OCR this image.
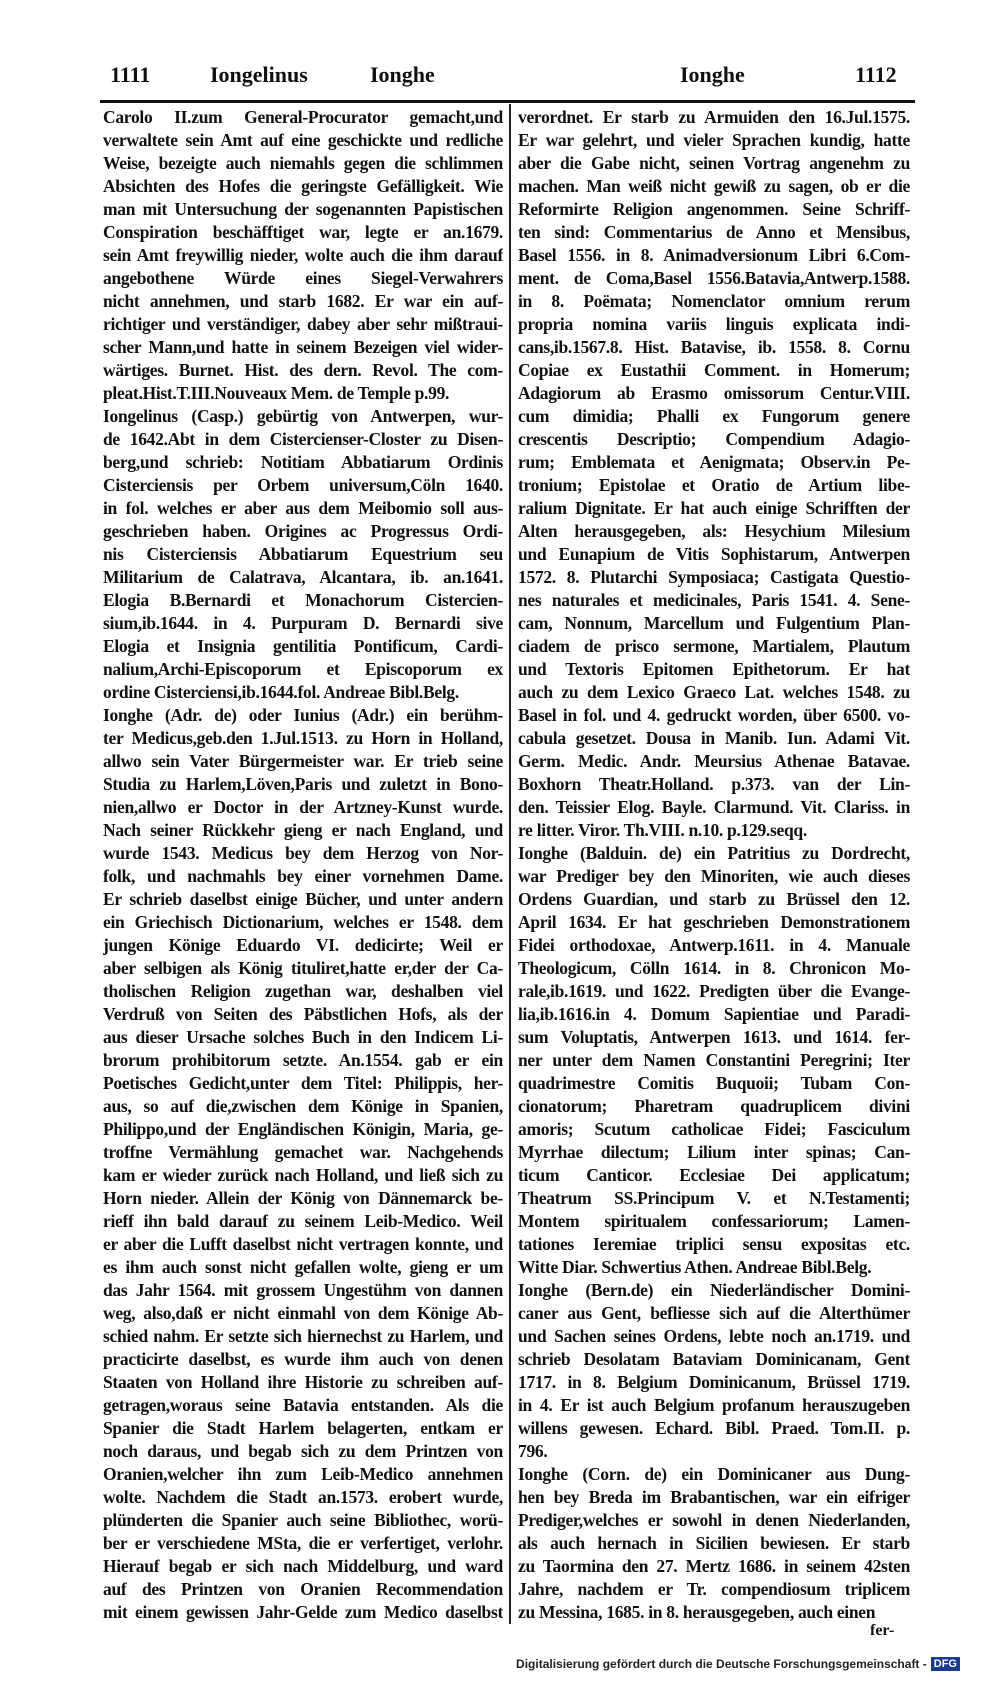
1111	Iongelinus	Ionghe	Ionghe	1112
Carolo II.zum General-Procurator gemacht,und
verwaltete sein Amt auf eine geschickte und redliche
Weise, bezeigte auch niemahls gegen die schlimmen
Absichten des Hofes die geringste Gefälligkeit. Wie
man mit Untersuchung der sogenannten Papistischen
Conspiration beschäfftiget war, legte er an.1679.
sein Amt freywillig nieder, wolte auch die ihm darauf
angebothene Würde eines Siegel-Verwahrers
nicht annehmen, und starb 1682. Er war ein auf-
richtiger und verständiger, dabey aber sehr mißtraui-
scher Mann,und hatte in seinem Bezeigen viel wider-
wärtiges. Burnet. Hist. des dern. Revol. The com-
pleat.Hist.T.III.Nouveaux Mem. de Temple p.99.
Iongelinus (Casp.) gebürtig von Antwerpen, wur-
de 1642.Abt in dem Cistercienser-Closter zu Disen-
berg,und schrieb: Notitiam Abbatiarum Ordinis
Cisterciensis per Orbem universum,Cöln 1640.
in fol. welches er aber aus dem Meibomio soll aus-
geschrieben haben. Origines ac Progressus Ordi-
nis Cisterciensis Abbatiarum Equestrium seu
Militarium de Calatrava, Alcantara, ib. an.1641.
Elogia B.Bernardi et Monachorum Cistercien-
sium,ib.1644. in 4. Purpuram D. Bernardi sive
Elogia et Insignia gentilitia Pontificum, Cardi-
nalium,Archi-Episcoporum et Episcoporum ex
ordine Cisterciensi,ib.1644.fol. Andreae Bibl.Belg.
Ionghe (Adr. de) oder Iunius (Adr.) ein berühm-
ter Medicus,geb.den 1.Jul.1513. zu Horn in Holland,
allwo sein Vater Bürgermeister war. Er trieb seine
Studia zu Harlem,Löven,Paris und zuletzt in Bono-
nien,allwo er Doctor in der Artzney-Kunst wurde.
Nach seiner Rückkehr gieng er nach England, und
wurde 1543. Medicus bey dem Herzog von Nor-
folk, und nachmahls bey einer vornehmen Dame.
Er schrieb daselbst einige Bücher, und unter andern
ein Griechisch Dictionarium, welches er 1548. dem
jungen Könige Eduardo VI. dedicirte; Weil er
aber selbigen als König tituliret,hatte er,der der Ca-
tholischen Religion zugethan war, deshalben viel
Verdruß von Seiten des Päbstlichen Hofs, als der
aus dieser Ursache solches Buch in den Indicem Li-
brorum prohibitorum setzte. An.1554. gab er ein
Poetisches Gedicht,unter dem Titel: Philippis, her-
aus, so auf die,zwischen dem Könige in Spanien,
Philippo,und der Engländischen Königin, Maria, ge-
troffne Vermählung gemachet war. Nachgehends
kam er wieder zurück nach Holland, und ließ sich zu
Horn nieder. Allein der König von Dännemarck be-
rieff ihn bald darauf zu seinem Leib-Medico. Weil
er aber die Lufft daselbst nicht vertragen konnte, und
es ihm auch sonst nicht gefallen wolte, gieng er um
das Jahr 1564. mit grossem Ungestühm von dannen
weg, also,daß er nicht einmahl von dem Könige Ab-
schied nahm. Er setzte sich hiernechst zu Harlem, und
practicirte daselbst, es wurde ihm auch von denen
Staaten von Holland ihre Historie zu schreiben auf-
getragen,woraus seine Batavia entstanden. Als die
Spanier die Stadt Harlem belagerten, entkam er
noch daraus, und begab sich zu dem Printzen von
Oranien,welcher ihn zum Leib-Medico annehmen
wolte. Nachdem die Stadt an.1573. erobert wurde,
plünderten die Spanier auch seine Bibliothec, worü-
ber er verschiedene MSta, die er verfertiget, verlohr.
Hierauf begab er sich nach Middelburg, und ward
auf des Printzen von Oranien Recommendation
mit einem gewissen Jahr-Gelde zum Medico daselbst
verordnet. Er starb zu Armuiden den 16.Jul.1575.
Er war gelehrt, und vieler Sprachen kundig, hatte
aber die Gabe nicht, seinen Vortrag angenehm zu
machen. Man weiß nicht gewiß zu sagen, ob er die
Reformirte Religion angenommen. Seine Schriff-
ten sind: Commentarius de Anno et Mensibus,
Basel 1556. in 8. Animadversionum Libri 6.Com-
ment. de Coma,Basel 1556.Batavia,Antwerp.1588.
in 8. Poëmata; Nomenclator omnium rerum
propria nomina variis linguis explicata indi-
cans,ib.1567.8. Hist. Batavise, ib. 1558. 8. Cornu
Copiae ex Eustathii Comment. in Homerum;
Adagiorum ab Erasmo omissorum Centur.VIII.
cum dimidia; Phalli ex Fungorum genere
crescentis Descriptio; Compendium Adagio-
rum; Emblemata et Aenigmata; Observ.in Pe-
tronium; Epistolae et Oratio de Artium libe-
ralium Dignitate. Er hat auch einige Schrifften der
Alten herausgegeben, als: Hesychium Milesium
und Eunapium de Vitis Sophistarum, Antwerpen
1572. 8. Plutarchi Symposiaca; Castigata Questio-
nes naturales et medicinales, Paris 1541. 4. Sene-
cam, Nonnum, Marcellum und Fulgentium Plan-
ciadem de prisco sermone, Martialem, Plautum
und Textoris Epitomen Epithetorum. Er hat
auch zu dem Lexico Graeco Lat. welches 1548. zu
Basel in fol. und 4. gedruckt worden, über 6500. vo-
cabula gesetzet. Dousa in Manib. Iun. Adami Vit.
Germ. Medic. Andr. Meursius Athenae Batavae.
Boxhorn Theatr.Holland. p.373. van der Lin-
den. Teissier Elog. Bayle. Clarmund. Vit. Clariss. in
re litter. Viror. Th.VIII. n.10. p.129.seqq.
Ionghe (Balduin. de) ein Patritius zu Dordrecht,
war Prediger bey den Minoriten, wie auch dieses
Ordens Guardian, und starb zu Brüssel den 12.
April 1634. Er hat geschrieben Demonstrationem
Fidei orthodoxae, Antwerp.1611. in 4. Manuale
Theologicum, Cölln 1614. in 8. Chronicon Mo-
rale,ib.1619. und 1622. Predigten über die Evange-
lia,ib.1616.in 4. Domum Sapientiae und Paradi-
sum Voluptatis, Antwerpen 1613. und 1614. fer-
ner unter dem Namen Constantini Peregrini; Iter
quadrimestre Comitis Buquoii; Tubam Con-
cionatorum; Pharetram quadruplicem divini
amoris; Scutum catholicae Fidei; Fasciculum
Myrrhae dilectum; Lilium inter spinas; Can-
ticum Canticor. Ecclesiae Dei applicatum;
Theatrum SS.Principum V. et N.Testamenti;
Montem spiritualem confessariorum; Lamen-
tationes Ieremiae triplici sensu expositas etc.
Witte Diar. Schwertius Athen. Andreae Bibl.Belg.
Ionghe (Bern.de) ein Niederländischer Domini-
caner aus Gent, befliesse sich auf die Alterthümer
und Sachen seines Ordens, lebte noch an.1719. und
schrieb Desolatam Bataviam Dominicanam, Gent
1717. in 8. Belgium Dominicanum, Brüssel 1719.
in 4. Er ist auch Belgium profanum herauszugeben
willens gewesen. Echard. Bibl. Praed. Tom.II. p.
796.
Ionghe (Corn. de) ein Dominicaner aus Dung-
hen bey Breda im Brabantischen, war ein eifriger
Prediger,welches er sowohl in denen Niederlanden,
als auch hernach in Sicilien bewiesen. Er starb
zu Taormina den 27. Mertz 1686. in seinem 42sten
Jahre, nachdem er Tr. compendiosum triplicem
zu Messina, 1685. in 8. herausgegeben, auch einen
fer-
Digitalisierung gefördert durch die Deutsche Forschungsgemeinschaft - DFG
